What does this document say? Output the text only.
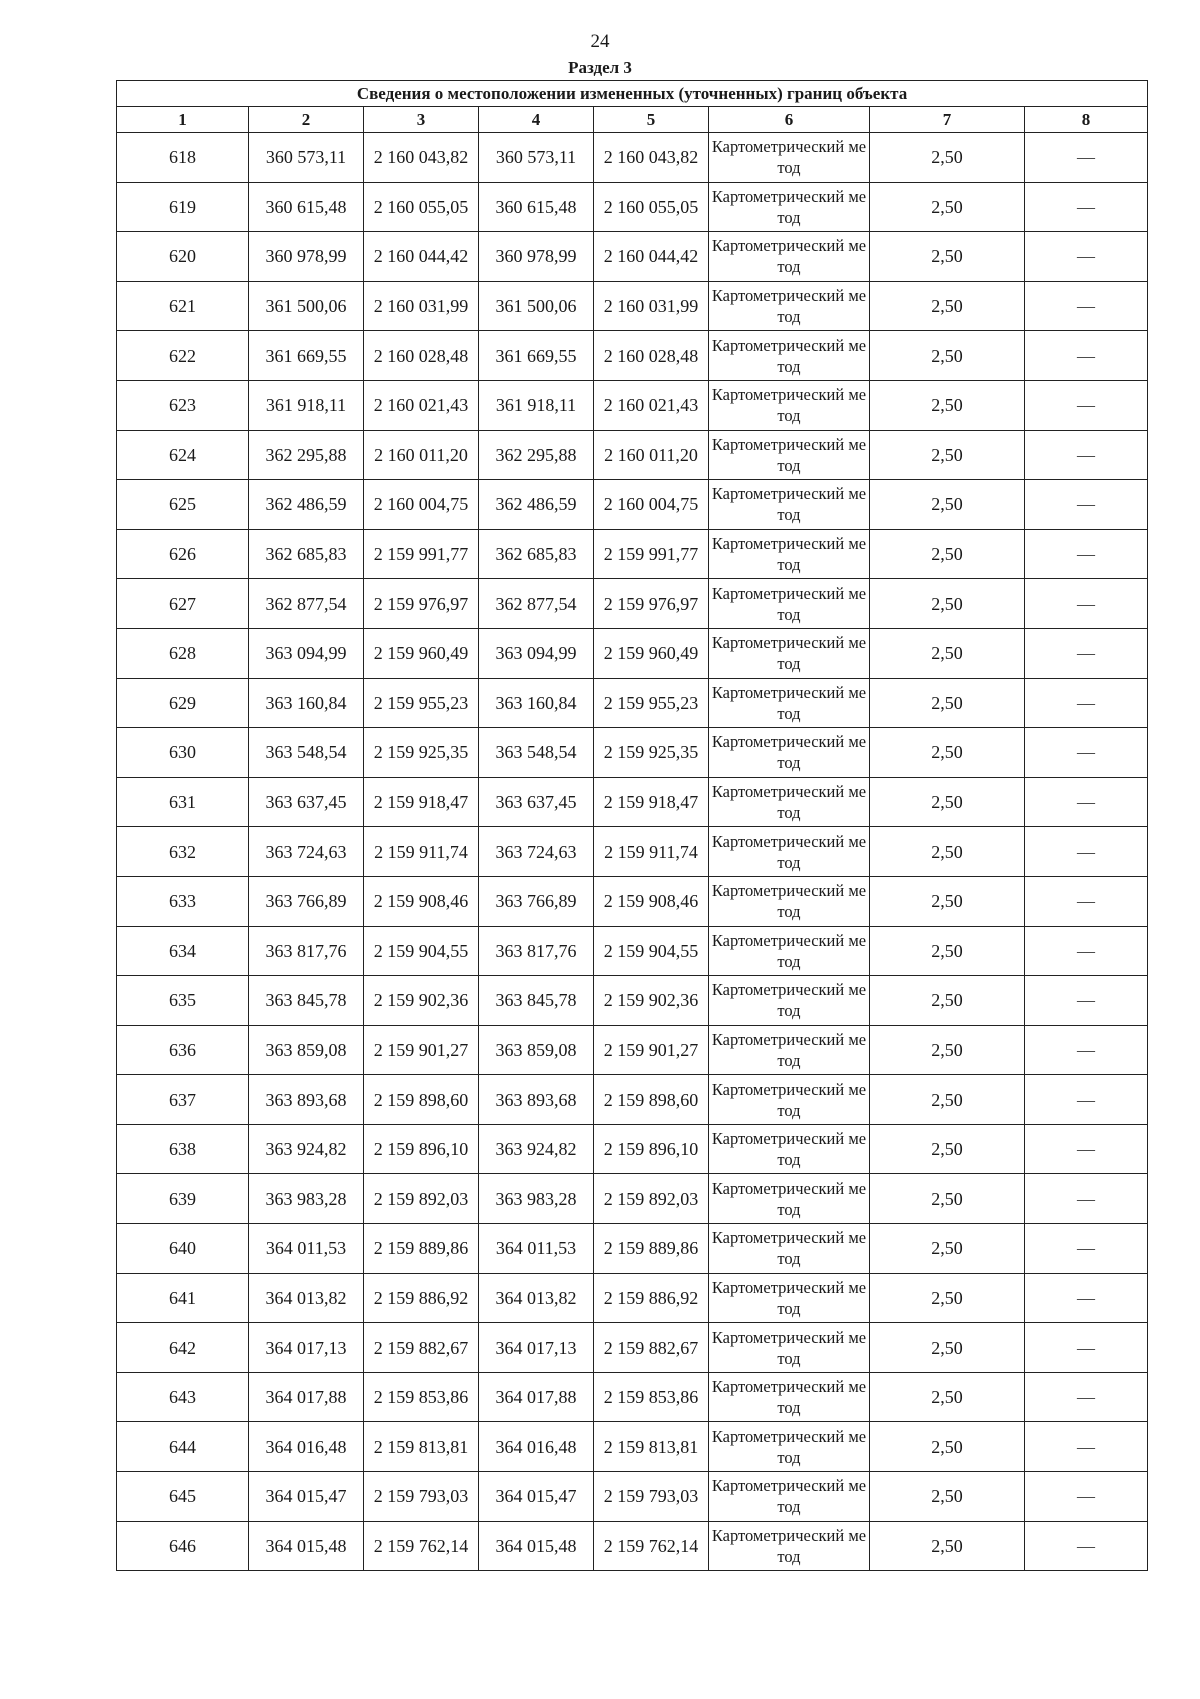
24
Раздел 3
Сведения о местоположении измененных (уточненных) границ объекта							
1	2	3	4	5	6	7	8
618	360 573,11	2 160 043,82	360 573,11	2 160 043,82	Картометрический метод	2,50	—
619	360 615,48	2 160 055,05	360 615,48	2 160 055,05	Картометрический метод	2,50	—
620	360 978,99	2 160 044,42	360 978,99	2 160 044,42	Картометрический метод	2,50	—
621	361 500,06	2 160 031,99	361 500,06	2 160 031,99	Картометрический метод	2,50	—
622	361 669,55	2 160 028,48	361 669,55	2 160 028,48	Картометрический метод	2,50	—
623	361 918,11	2 160 021,43	361 918,11	2 160 021,43	Картометрический метод	2,50	—
624	362 295,88	2 160 011,20	362 295,88	2 160 011,20	Картометрический метод	2,50	—
625	362 486,59	2 160 004,75	362 486,59	2 160 004,75	Картометрический метод	2,50	—
626	362 685,83	2 159 991,77	362 685,83	2 159 991,77	Картометрический метод	2,50	—
627	362 877,54	2 159 976,97	362 877,54	2 159 976,97	Картометрический метод	2,50	—
628	363 094,99	2 159 960,49	363 094,99	2 159 960,49	Картометрический метод	2,50	—
629	363 160,84	2 159 955,23	363 160,84	2 159 955,23	Картометрический метод	2,50	—
630	363 548,54	2 159 925,35	363 548,54	2 159 925,35	Картометрический метод	2,50	—
631	363 637,45	2 159 918,47	363 637,45	2 159 918,47	Картометрический метод	2,50	—
632	363 724,63	2 159 911,74	363 724,63	2 159 911,74	Картометрический метод	2,50	—
633	363 766,89	2 159 908,46	363 766,89	2 159 908,46	Картометрический метод	2,50	—
634	363 817,76	2 159 904,55	363 817,76	2 159 904,55	Картометрический метод	2,50	—
635	363 845,78	2 159 902,36	363 845,78	2 159 902,36	Картометрический метод	2,50	—
636	363 859,08	2 159 901,27	363 859,08	2 159 901,27	Картометрический метод	2,50	—
637	363 893,68	2 159 898,60	363 893,68	2 159 898,60	Картометрический метод	2,50	—
638	363 924,82	2 159 896,10	363 924,82	2 159 896,10	Картометрический метод	2,50	—
639	363 983,28	2 159 892,03	363 983,28	2 159 892,03	Картометрический метод	2,50	—
640	364 011,53	2 159 889,86	364 011,53	2 159 889,86	Картометрический метод	2,50	—
641	364 013,82	2 159 886,92	364 013,82	2 159 886,92	Картометрический метод	2,50	—
642	364 017,13	2 159 882,67	364 017,13	2 159 882,67	Картометрический метод	2,50	—
643	364 017,88	2 159 853,86	364 017,88	2 159 853,86	Картометрический метод	2,50	—
644	364 016,48	2 159 813,81	364 016,48	2 159 813,81	Картометрический метод	2,50	—
645	364 015,47	2 159 793,03	364 015,47	2 159 793,03	Картометрический метод	2,50	—
646	364 015,48	2 159 762,14	364 015,48	2 159 762,14	Картометрический метод	2,50	—
